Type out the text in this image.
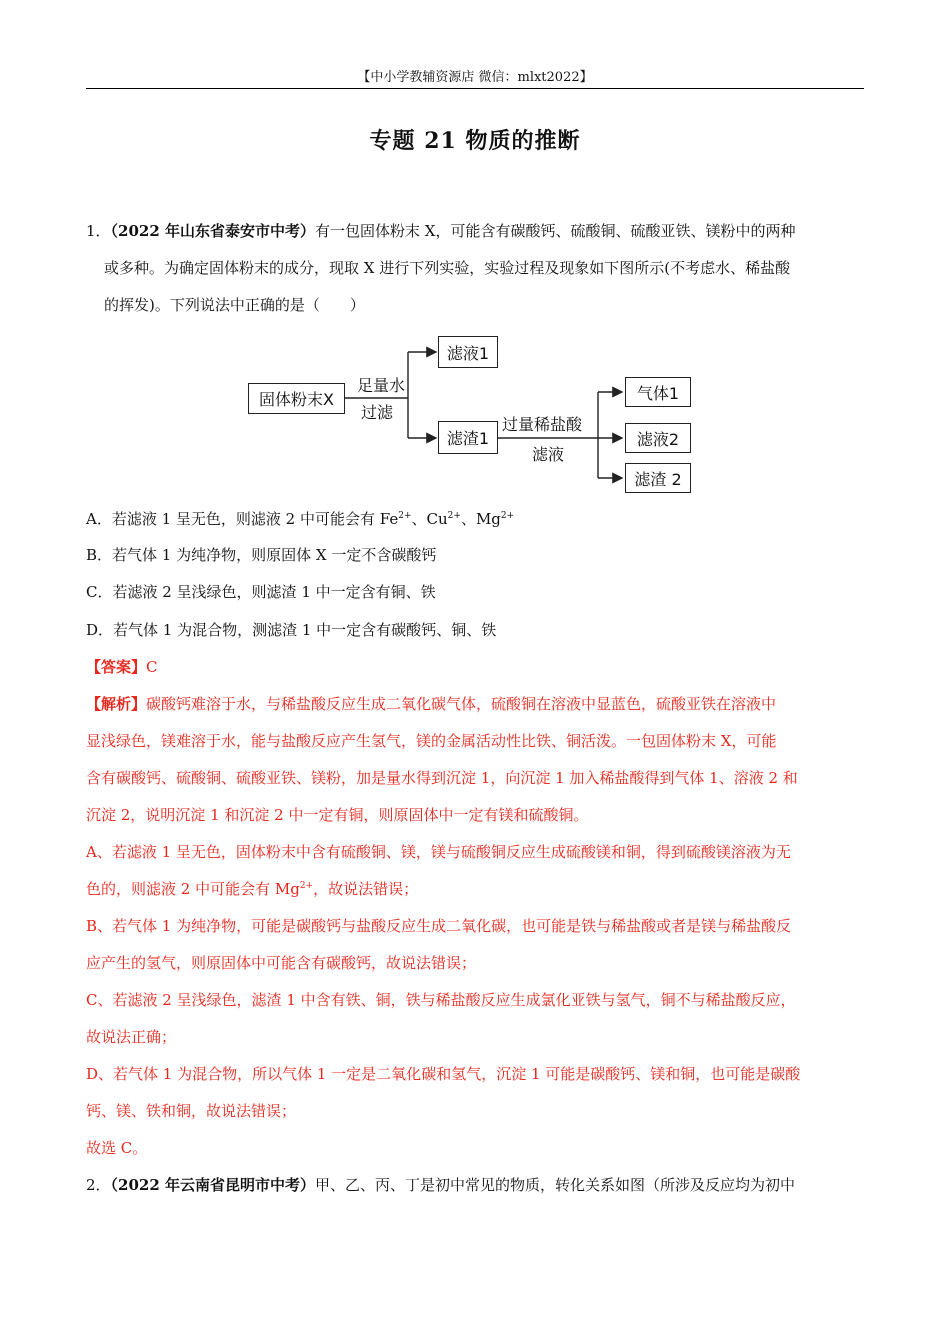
【中小学教辅资源店 微信：mlxt2022】
专题 21 物质的推断
1．（2022 年山东省泰安市中考）有一包固体粉末 X，可能含有碳酸钙、硫酸铜、硫酸亚铁、镁粉中的两种
或多种。为确定固体粉末的成分，现取 X 进行下列实验，实验过程及现象如下图所示(不考虑水、稀盐酸
的挥发)。下列说法中正确的是（　　）
固体粉末X
足量水
过滤
滤液1
滤渣1
过量稀盐酸
滤液
气体1
滤液2
滤渣 2
A．若滤液 1 呈无色，则滤液 2 中可能会有 $Fe^{2+}$、$Cu^{2+}$、$Mg^{2+}$
B．若气体 1 为纯净物，则原固体 X 一定不含碳酸钙
C．若滤液 2 呈浅绿色，则滤渣 1 中一定含有铜、铁
D．若气体 1 为混合物，测滤渣 1 中一定含有碳酸钙、铜、铁
【答案】C
【解析】碳酸钙难溶于水，与稀盐酸反应生成二氧化碳气体，硫酸铜在溶液中显蓝色，硫酸亚铁在溶液中
显浅绿色，镁难溶于水，能与盐酸反应产生氢气，镁的金属活动性比铁、铜活泼。一包固体粉末 X，可能
含有碳酸钙、硫酸铜、硫酸亚铁、镁粉，加是量水得到沉淀 1，向沉淀 1 加入稀盐酸得到气体 1、溶液 2 和
沉淀 2，说明沉淀 1 和沉淀 2 中一定有铜，则原固体中一定有镁和硫酸铜。
A、若滤液 1 呈无色，固体粉末中含有硫酸铜、镁，镁与硫酸铜反应生成硫酸镁和铜，得到硫酸镁溶液为无
色的，则滤液 2 中可能会有 $Mg^{2+}$，故说法错误；
B、若气体 1 为纯净物，可能是碳酸钙与盐酸反应生成二氧化碳，也可能是铁与稀盐酸或者是镁与稀盐酸反
应产生的氢气，则原固体中可能含有碳酸钙，故说法错误；
C、若滤液 2 呈浅绿色，滤渣 1 中含有铁、铜，铁与稀盐酸反应生成氯化亚铁与氢气，铜不与稀盐酸反应，
故说法正确；
D、若气体 1 为混合物，所以气体 1 一定是二氧化碳和氢气，沉淀 1 可能是碳酸钙、镁和铜，也可能是碳酸
钙、镁、铁和铜，故说法错误；
故选 C。
2．（2022 年云南省昆明市中考）甲、乙、丙、丁是初中常见的物质，转化关系如图（所涉及反应均为初中
